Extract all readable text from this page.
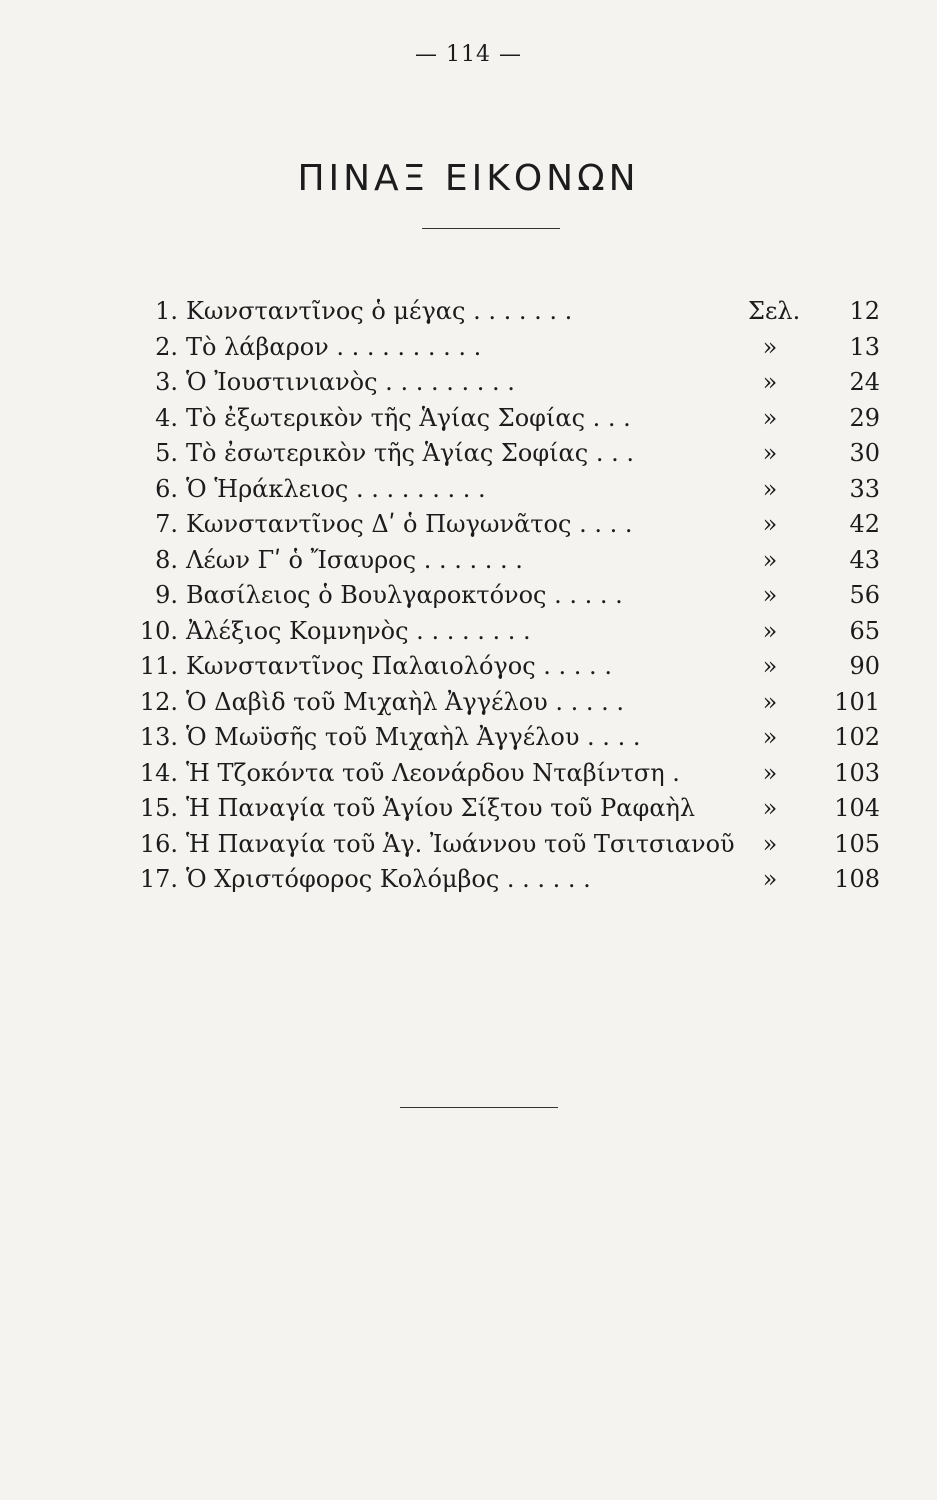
— 114 —
ΠΙΝΑΞ ΕΙΚΟΝΩΝ
1. Κωνσταντῖνος ὁ μέγας . . . . . . .	Σελ. 12
2. Τὸ λάβαρον . . . . . . . . . .	»	13
3. Ὁ Ἰουστινιανὸς . . . . . . . . .	»	24
4. Τὸ ἐξωτερικὸν τῆς Ἁγίας Σοφίας . . .	»	29
5. Τὸ ἐσωτερικὸν τῆς Ἁγίας Σοφίας . . .	»	30
6. Ὁ Ἡράκλειος . . . . . . . . .	»	33
7. Κωνσταντῖνος Δʹ ὁ Πωγωνᾶτος . . . .	»	42
8. Λέων Γʹ ὁ Ἴσαυρος . . . . . . .	»	43
9. Βασίλειος ὁ Βουλγαροκτόνος . . . . .	»	56
10. Ἀλέξιος Κομνηνὸς . . . . . . . .	»	65
11. Κωνσταντῖνος Παλαιολόγος . . . . .	»	90
12. Ὁ Δαβὶδ τοῦ Μιχαὴλ Ἀγγέλου . . . . .	»	101
13. Ὁ Μωϋσῆς τοῦ Μιχαὴλ Ἀγγέλου . . . .	»	102
14. Ἡ Τζοκόντα τοῦ Λεονάρδου Νταβίντση .	»	103
15. Ἡ Παναγία τοῦ Ἁγίου Σίξτου τοῦ Ραφαὴλ	»	104
16. Ἡ Παναγία τοῦ Ἁγ. Ἰωάννου τοῦ Τσιτσιανοῦ	»	105
17. Ὁ Χριστόφορος Κολόμβος . . . . . .	»	108
